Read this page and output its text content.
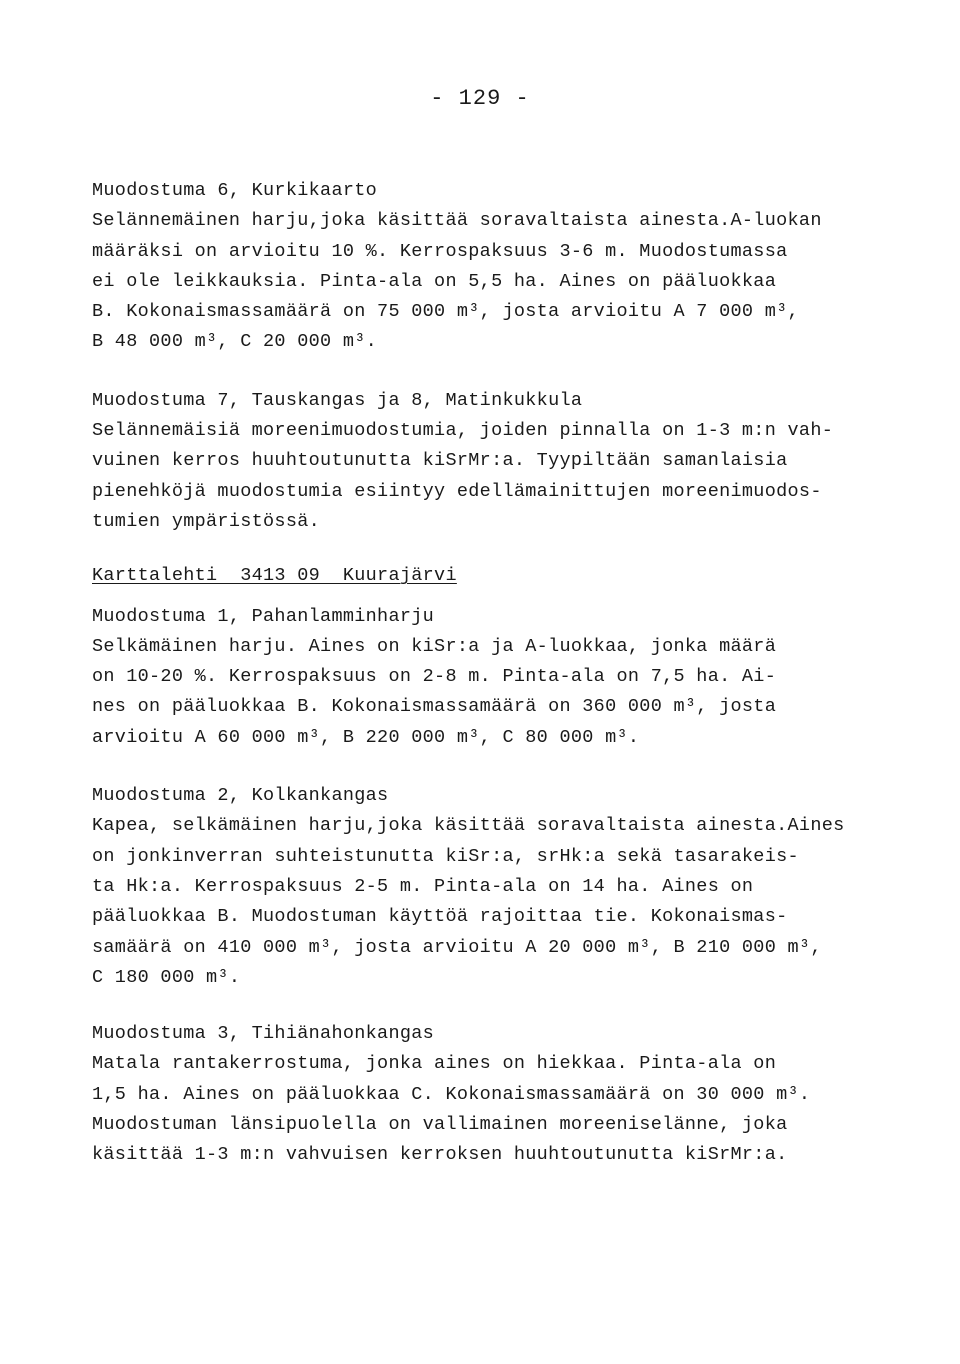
- 129 -
Muodostuma 6, Kurkikaarto
Selännemäinen harju,joka käsittää soravaltaista ainesta.A-luokan
määräksi on arvioitu 10 %. Kerrospaksuus 3-6 m. Muodostumassa
ei ole leikkauksia. Pinta-ala on 5,5 ha. Aines on pääluokkaa
B. Kokonaismassamäärä on 75 000 m³, josta arvioitu A 7 000 m³,
B 48 000 m³, C 20 000 m³.
Muodostuma 7, Tauskangas ja 8, Matinkukkula
Selännemäisiä moreenimuodostumia, joiden pinnalla on 1-3 m:n vah-
vuinen kerros huuhtoutunutta kiSrMr:a. Tyypiltään samanlaisia
pienehköjä muodostumia esiintyy edellämainittujen moreenimuodos-
tumien ympäristössä.
Karttalehti  3413 09  Kuurajärvi
Muodostuma 1, Pahanlamminharju
Selkämäinen harju. Aines on kiSr:a ja A-luokkaa, jonka määrä
on 10-20 %. Kerrospaksuus on 2-8 m. Pinta-ala on 7,5 ha. Ai-
nes on pääluokkaa B. Kokonaismassamäärä on 360 000 m³, josta
arvioitu A 60 000 m³, B 220 000 m³, C 80 000 m³.
Muodostuma 2, Kolkankangas
Kapea, selkämäinen harju,joka käsittää soravaltaista ainesta.Aines
on jonkinverran suhteistunutta kiSr:a, srHk:a sekä tasarakeis-
ta Hk:a. Kerrospaksuus 2-5 m. Pinta-ala on 14 ha. Aines on
pääluokkaa B. Muodostuman käyttöä rajoittaa tie. Kokonaismas-
samäärä on 410 000 m³, josta arvioitu A 20 000 m³, B 210 000 m³,
C 180 000 m³.
Muodostuma 3, Tihiänahonkangas
Matala rantakerrostuma, jonka aines on hiekkaa. Pinta-ala on
1,5 ha. Aines on pääluokkaa C. Kokonaismassamäärä on 30 000 m³.
Muodostuman länsipuolella on vallimainen moreeniselänne, joka
käsittää 1-3 m:n vahvuisen kerroksen huuhtoutunutta kiSrMr:a.
